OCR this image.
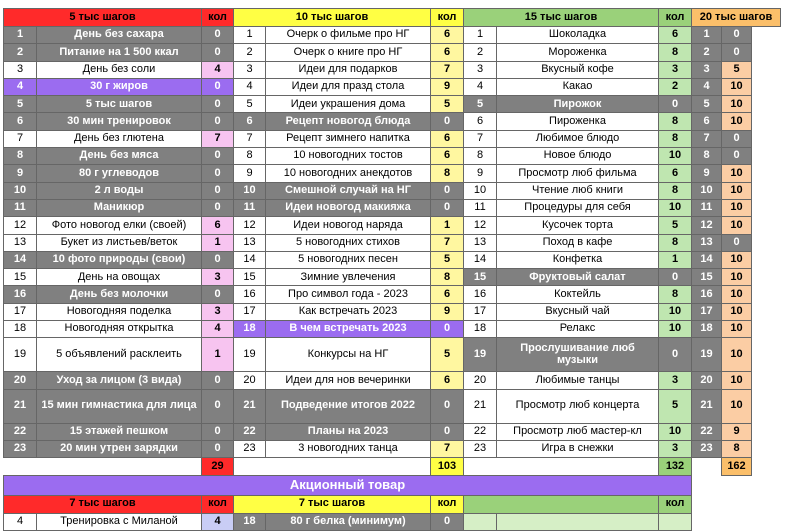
5 тыс шагов		кол	10 тыс шагов		кол	15 тыс шагов		кол	20 тыс шагов		
1	День без сахара	0	1	Очерк о фильме про НГ	6	1	Шоколадка	6	1	0	
2	Питание на 1 500 ккал	0	2	Очерк о книге про НГ	6	2	Мороженка	8	2	0	
3	День без соли	4	3	Идеи для подарков	7	3	Вкусный кофе	3	3	5	
4	30 г жиров	0	4	Идеи для празд стола	9	4	Какао	2	4	10	
5	5 тыс шагов	0	5	Идеи украшения дома	5	5	Пирожок	0	5	10	
6	30 мин тренировок	0	6	Рецепт новогод блюда	0	6	Пироженка	8	6	10	
7	День без глютена	7	7	Рецепт зимнего напитка	6	7	Любимое блюдо	8	7	0	
8	День без мяса	0	8	10 новогодних тостов	6	8	Новое блюдо	10	8	0	
9	80 г углеводов	0	9	10 новогодних анекдотов	8	9	Просмотр люб фильма	6	9	10	
10	2 л воды	0	10	Смешной случай на НГ	0	10	Чтение люб книги	8	10	10	
11	Маникюр	0	11	Идеи новогод макияжа	0	11	Процедуры для себя	10	11	10	
12	Фото новогод елки (своей)	6	12	Идеи новогод наряда	1	12	Кусочек торта	5	12	10	
13	Букет из листьев/веток	1	13	5 новогодних стихов	7	13	Поход в кафе	8	13	0	
14	10 фото природы (свои)	0	14	5 новогодних песен	5	14	Конфетка	1	14	10	
15	День на овощах	3	15	Зимние увлечения	8	15	Фруктовый салат	0	15	10	
16	День без молочки	0	16	Про символ года - 2023	6	16	Коктейль	8	16	10	
17	Новогодняя поделка	3	17	Как встречать 2023	9	17	Вкусный чай	10	17	10	
18	Новогодняя открытка	4	18	В чем встречать 2023	0	18	Релакс	10	18	10	
19	5 объявлений расклеить	1	19	Конкурсы на НГ	5	19	Прослушивание люб музыки	0	19	10	
20	Уход за лицом (3 вида)	0	20	Идеи для нов вечеринки	6	20	Любимые танцы	3	20	10	
21	15 мин гимнастика для лица	0	21	Подведение итогов 2022	0	21	Просмотр люб концерта	5	21	10	
22	15 этажей пешком	0	22	Планы на 2023	0	22	Просмотр люб мастер-кл	10	22	9	
23	20 мин утрен зарядки	0	23	3 новогодних танца	7	23	Игра в снежки	3	23	8	
		29			103			132		162	
Акционный товар											
7 тыс шагов		кол	7 тыс шагов		кол			кол			
4	Тренировка с Миланой	4	18	80 г белка (минимум)	0						
